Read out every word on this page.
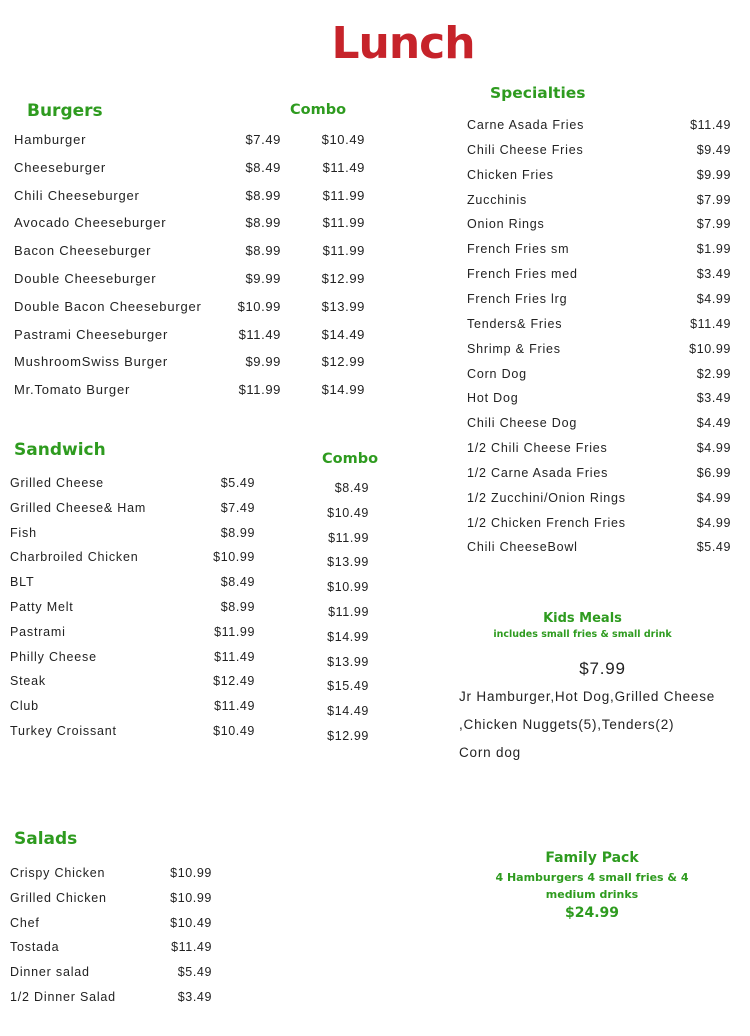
Lunch
Burgers	Combo
Hamburger	$7.49	$10.49
Cheeseburger	$8.49	$11.49
Chili Cheeseburger	$8.99	$11.99
Avocado Cheeseburger	$8.99	$11.99
Bacon Cheeseburger	$8.99	$11.99
Double Cheeseburger	$9.99	$12.99
Double Bacon Cheeseburger	$10.99	$13.99
Pastrami Cheeseburger	$11.49	$14.49
MushroomSwiss Burger	$9.99	$12.99
Mr.Tomato Burger	$11.99	$14.99
Sandwich	Combo
Grilled Cheese	$5.49	$8.49
Grilled Cheese& Ham	$7.49	$10.49
Fish	$8.99	$11.99
Charbroiled Chicken	$10.99	$13.99
BLT	$8.49	$10.99
Patty Melt	$8.99	$11.99
Pastrami	$11.99	$14.99
Philly Cheese	$11.49	$13.99
Steak	$12.49	$15.49
Club	$11.49	$14.49
Turkey Croissant	$10.49	$12.99
Salads
Crispy Chicken	$10.99
Grilled Chicken	$10.99
Chef	$10.49
Tostada	$11.49
Dinner salad	$5.49
1/2 Dinner Salad	$3.49
Specialties
Carne Asada Fries	$11.49
Chili Cheese Fries	$9.49
Chicken Fries	$9.99
Zucchinis	$7.99
Onion Rings	$7.99
French Fries sm	$1.99
French Fries med	$3.49
French Fries lrg	$4.99
Tenders& Fries	$11.49
Shrimp & Fries	$10.99
Corn Dog	$2.99
Hot Dog	$3.49
Chili Cheese Dog	$4.49
1/2 Chili Cheese Fries	$4.99
1/2 Carne Asada Fries	$6.99
1/2 Zucchini/Onion Rings	$4.99
1/2 Chicken French Fries	$4.99
Chili CheeseBowl	$5.49
Kids Meals
includes small fries & small drink
$7.99
Jr Hamburger,Hot Dog,Grilled Cheese
,Chicken Nuggets(5),Tenders(2)
Corn dog
Family Pack
4 Hamburgers 4 small fries & 4
medium drinks
$24.99
